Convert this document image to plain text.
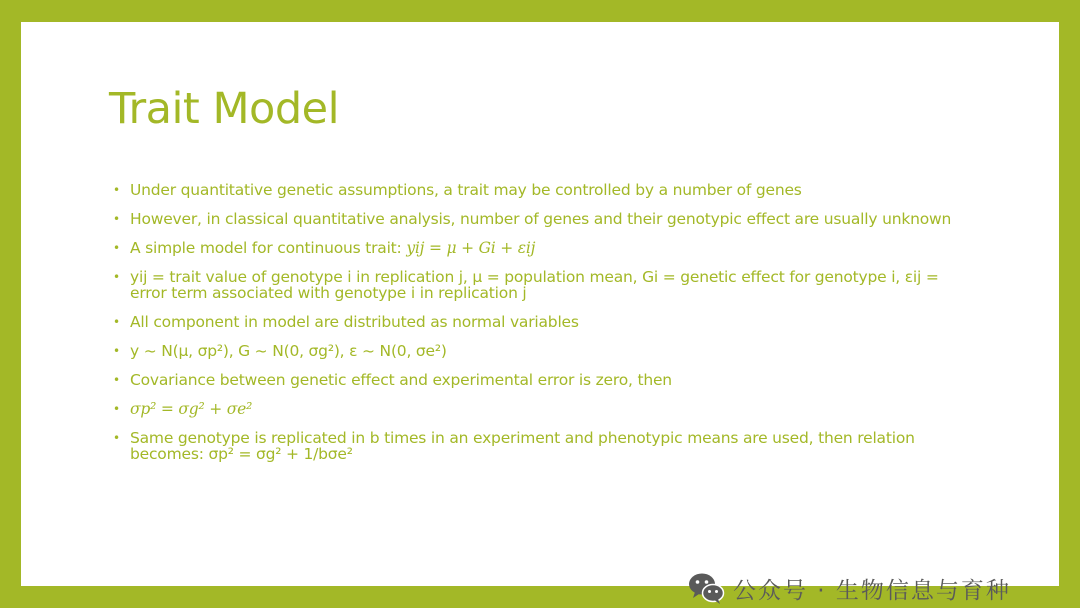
Trait Model
• Under quantitative genetic assumptions, a trait may be controlled by a number of genes
• However, in classical quantitative analysis, number of genes and their genotypic effect are usually unknown
• A simple model for continuous trait: yij = μ + Gi + εij
• yij = trait value of genotype i in replication j, μ = population mean, Gi = genetic effect for genotype i, εij = error term associated with genotype i in replication j
• All component in model are distributed as normal variables
• y ~ N(μ, σp²), G ~ N(0, σg²), ε ~ N(0, σe²)
• Covariance between genetic effect and experimental error is zero, then
• σp² = σg² + σe²
• Same genotype is replicated in b times in an experiment and phenotypic means are used, then relation becomes: σp² = σg² + 1/bσe²
公众号 · 生物信息与育种
